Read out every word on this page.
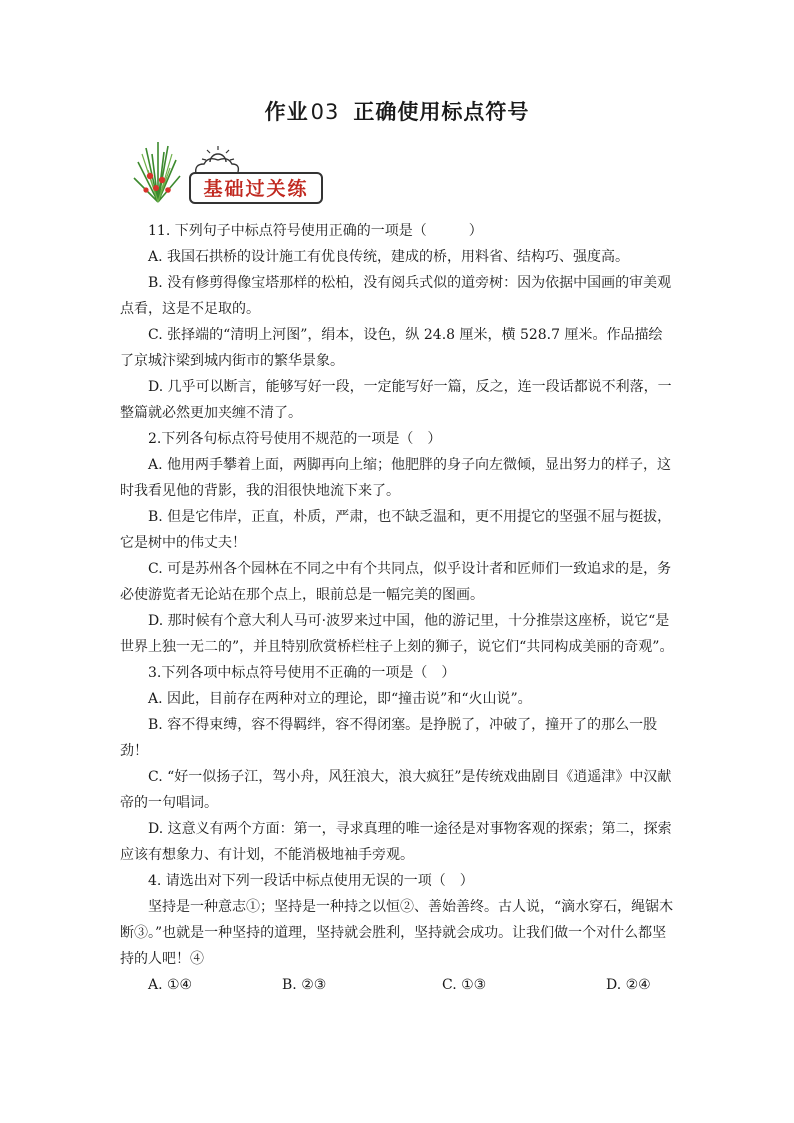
作业03 正确使用标点符号
基础过关练

11. 下列句子中标点符号使用正确的一项是（　　　）

A. 我国石拱桥的设计施工有优良传统，建成的桥，用料省、结构巧、强度高。

B. 没有修剪得像宝塔那样的松柏，没有阅兵式似的道旁树：因为依据中国画的审美观点看，这是不足取的。

C. 张择端的“清明上河图”，绢本，设色，纵 24.8 厘米，横 528.7 厘米。作品描绘了京城汴梁到城内街市的繁华景象。

D. 几乎可以断言，能够写好一段，一定能写好一篇，反之，连一段话都说不利落，一整篇就必然更加夹缠不清了。

2.下列各句标点符号使用不规范的一项是（　）

A. 他用两手攀着上面，两脚再向上缩；他肥胖的身子向左微倾，显出努力的样子，这时我看见他的背影，我的泪很快地流下来了。

B. 但是它伟岸，正直，朴质，严肃，也不缺乏温和，更不用提它的坚强不屈与挺拔，它是树中的伟丈夫！

C. 可是苏州各个园林在不同之中有个共同点，似乎设计者和匠师们一致追求的是，务必使游览者无论站在那个点上，眼前总是一幅完美的图画。

D. 那时候有个意大利人马可·波罗来过中国，他的游记里，十分推崇这座桥，说它“是世界上独一无二的”，并且特别欣赏桥栏柱子上刻的狮子，说它们“共同构成美丽的奇观”。

3.下列各项中标点符号使用不正确的一项是（　）

A. 因此，目前存在两种对立的理论，即“撞击说”和“火山说”。

B. 容不得束缚，容不得羁绊，容不得闭塞。是挣脱了，冲破了，撞开了的那么一股劲！

C. “好一似扬子江，驾小舟，风狂浪大，浪大疯狂”是传统戏曲剧目《逍遥津》中汉献帝的一句唱词。

D. 这意义有两个方面：第一，寻求真理的唯一途径是对事物客观的探索；第二，探索应该有想象力、有计划，不能消极地袖手旁观。

4. 请选出对下列一段话中标点使用无误的一项（　）

坚持是一种意志①；坚持是一种持之以恒②、善始善终。古人说，“滴水穿石，绳锯木断③。”也就是一种坚持的道理，坚持就会胜利，坚持就会成功。让我们做一个对什么都坚持的人吧！④

A. ①④	B. ②③	C. ①③	D. ②④
